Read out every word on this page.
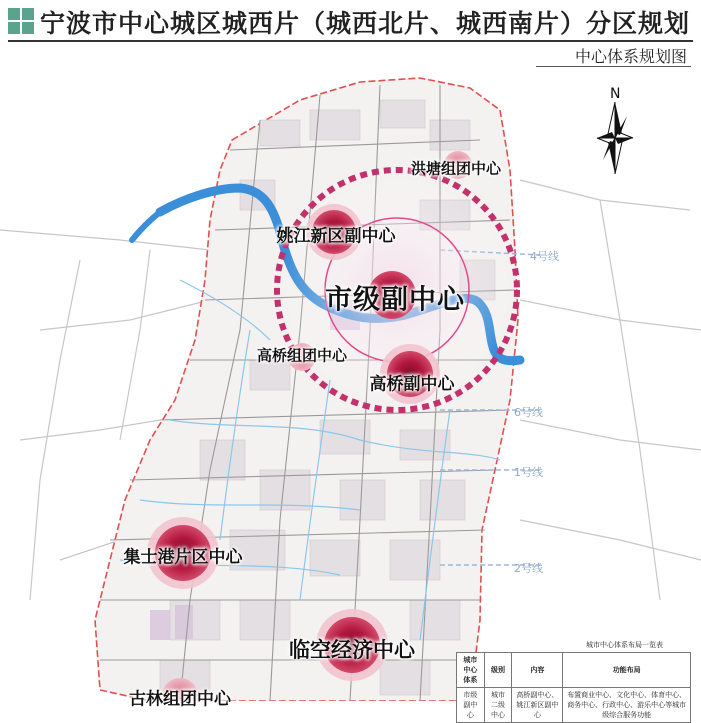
宁波市中心城区城西片（城西北片、城西南片）分区规划
中心体系规划图
N
洪塘组团中心
姚江新区副中心
市级副中心
高桥组团中心
高桥副中心
集士港片区中心
临空经济中心
古林组团中心
4号线
6号线
1号线
2号线
城市中心体系布局一览表
城市中心体系	级别	内容	功能布局
市级副中心	城市二级中心	高桥副中心、姚江新区副中心	布置商业中心、文化中心、体育中心、商务中心、行政中心、游乐中心等城市级综合服务功能
